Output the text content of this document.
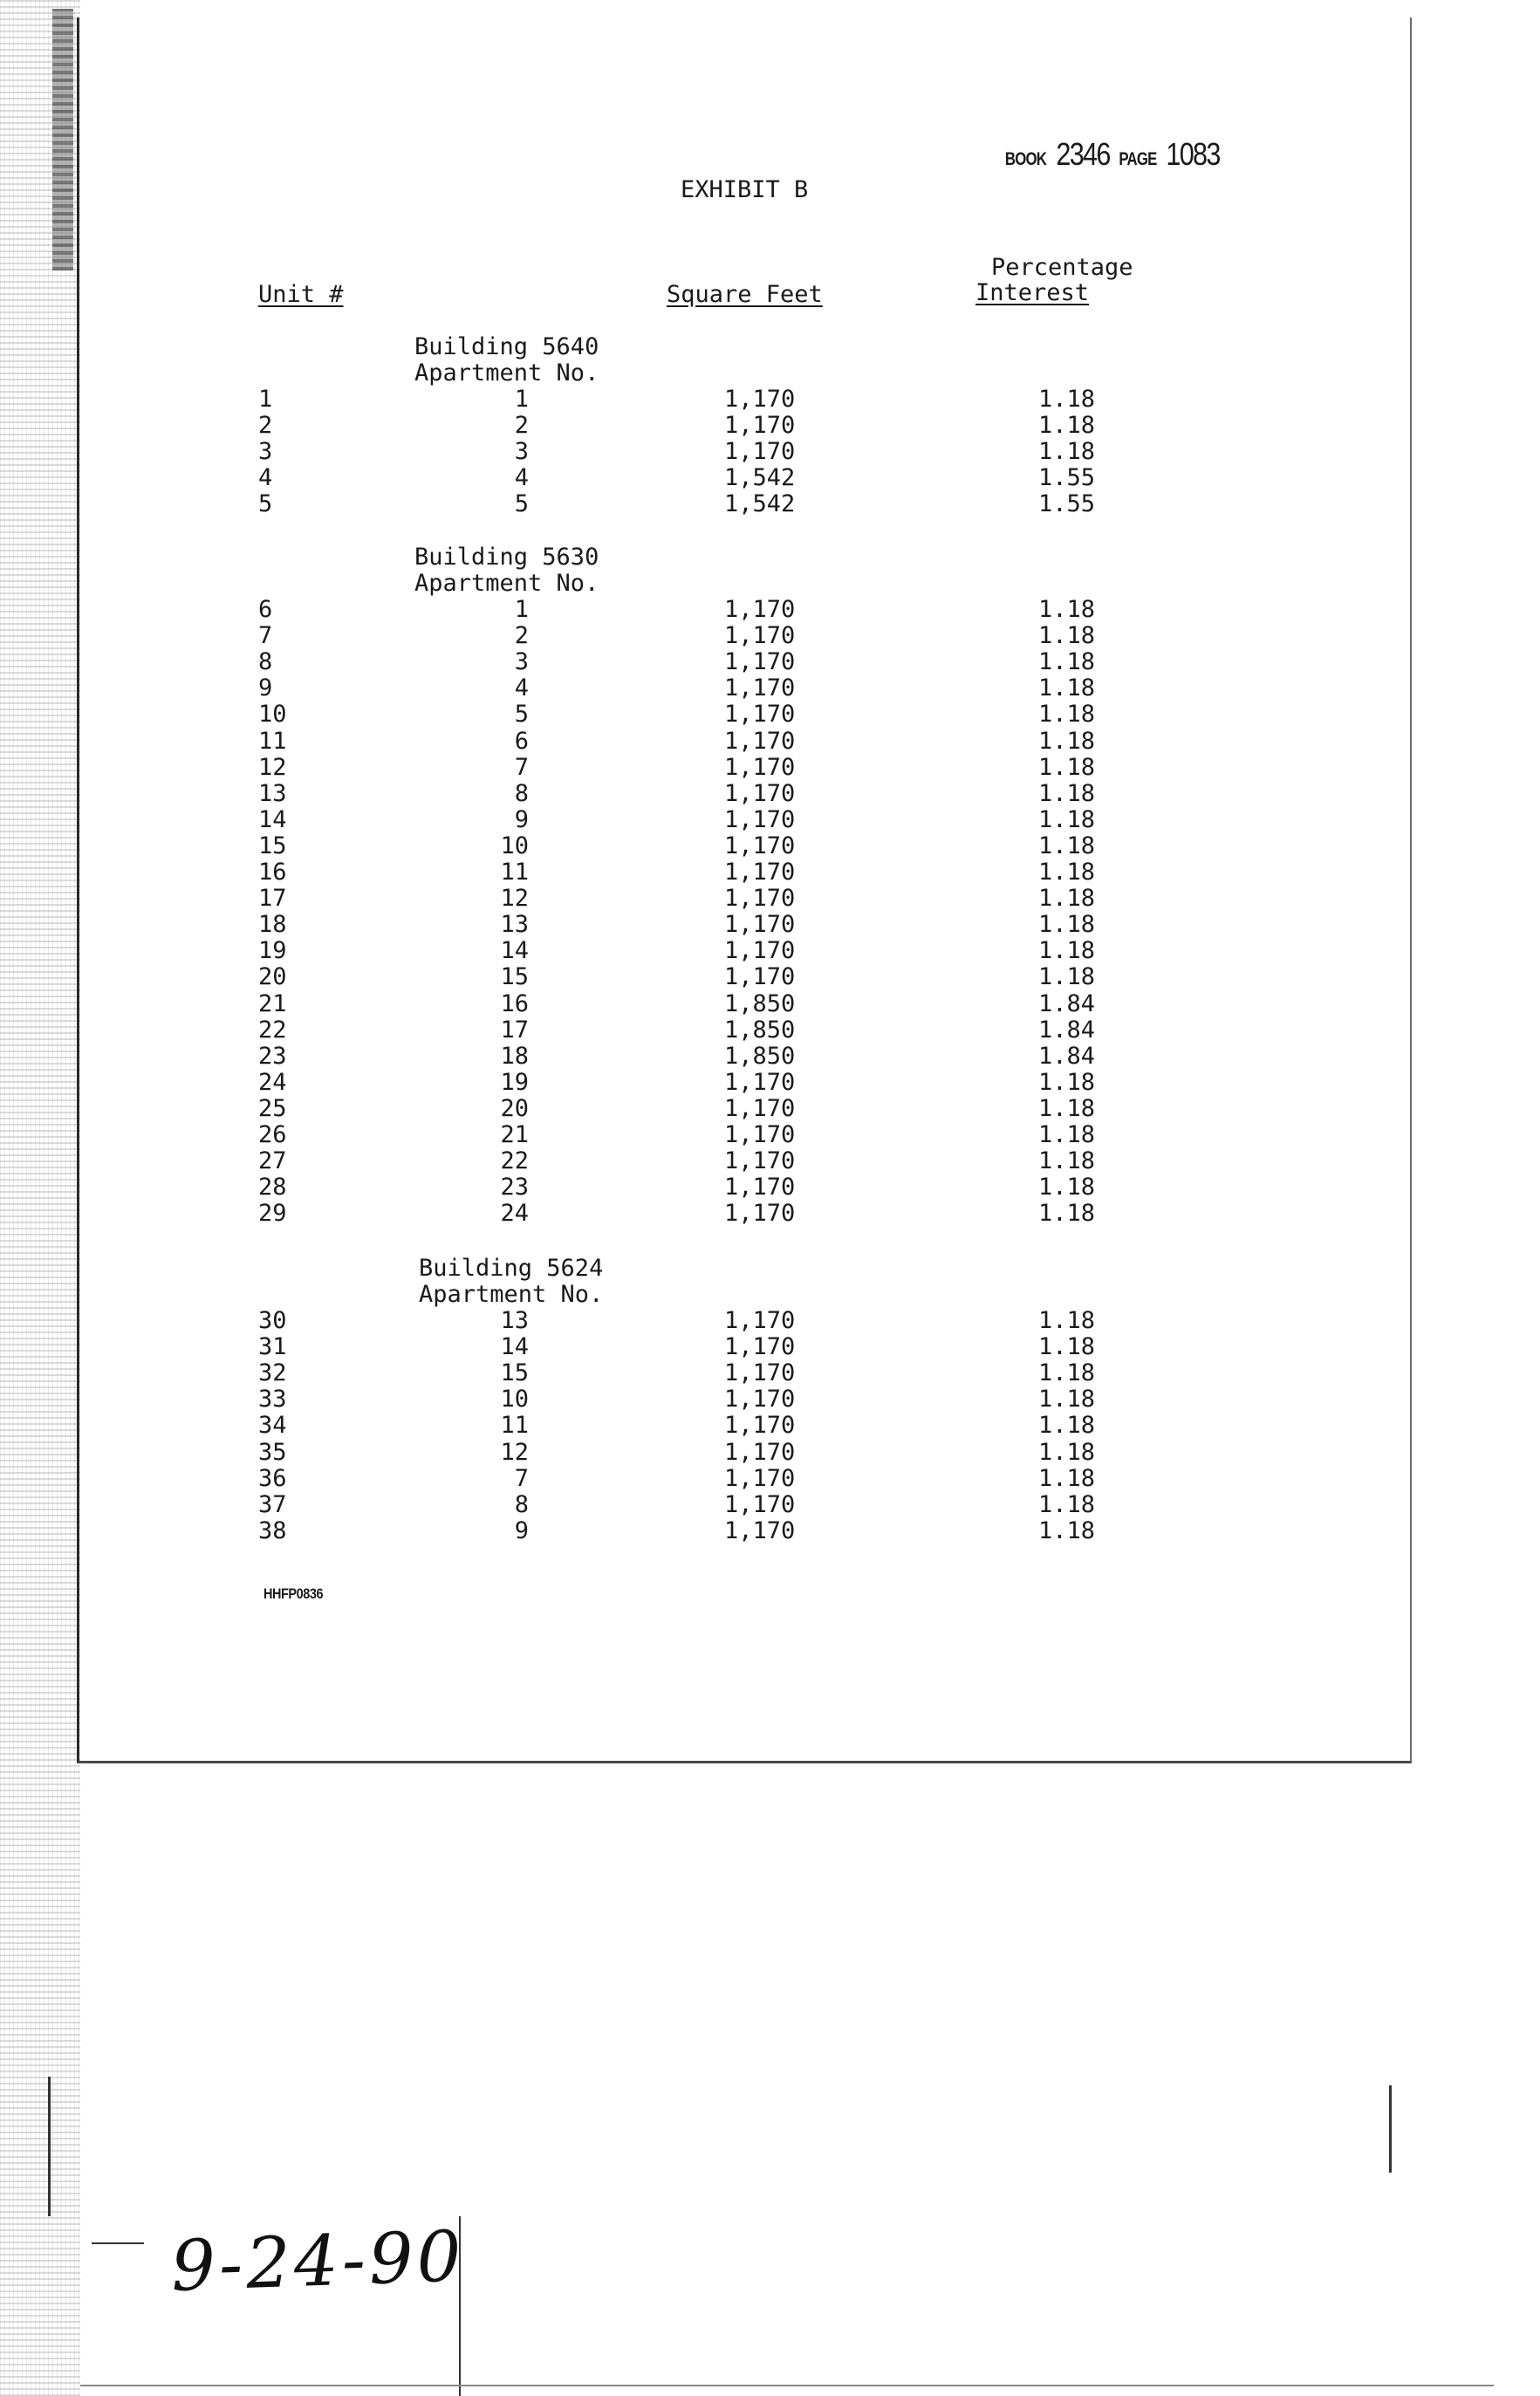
BOOK 2346 PAGE 1083
EXHIBIT B
Percentage
Unit #	Square Feet	Interest
Building 5640
Apartment No.
1	1	1,170	1.18
2	2	1,170	1.18
3	3	1,170	1.18
4	4	1,542	1.55
5	5	1,542	1.55
Building 5630
Apartment No.
6	1	1,170	1.18
7	2	1,170	1.18
8	3	1,170	1.18
9	4	1,170	1.18
10	5	1,170	1.18
11	6	1,170	1.18
12	7	1,170	1.18
13	8	1,170	1.18
14	9	1,170	1.18
15	10	1,170	1.18
16	11	1,170	1.18
17	12	1,170	1.18
18	13	1,170	1.18
19	14	1,170	1.18
20	15	1,170	1.18
21	16	1,850	1.84
22	17	1,850	1.84
23	18	1,850	1.84
24	19	1,170	1.18
25	20	1,170	1.18
26	21	1,170	1.18
27	22	1,170	1.18
28	23	1,170	1.18
29	24	1,170	1.18
Building 5624
Apartment No.
30	13	1,170	1.18
31	14	1,170	1.18
32	15	1,170	1.18
33	10	1,170	1.18
34	11	1,170	1.18
35	12	1,170	1.18
36	7	1,170	1.18
37	8	1,170	1.18
38	9	1,170	1.18
HHFP0836
9-24-90
